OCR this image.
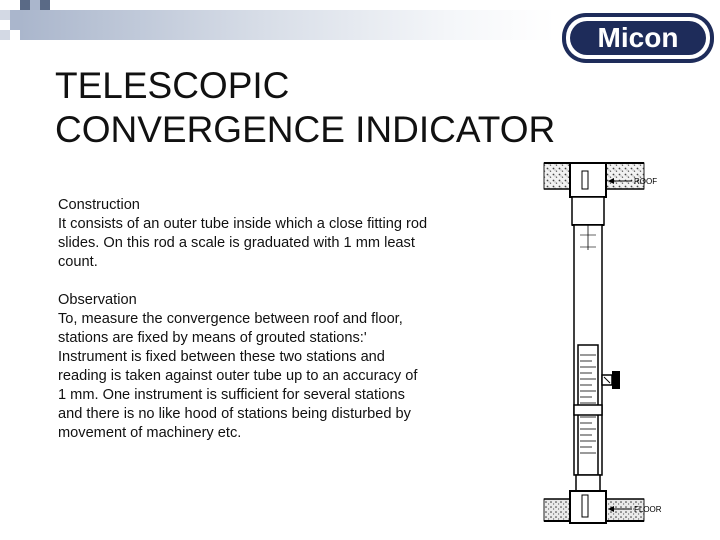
Micon
TELESCOPIC
CONVERGENCE INDICATOR
Construction
It consists of an outer tube inside which a close fitting rod slides. On this rod a scale is graduated with 1 mm least count.
Observation
To, measure the convergence between roof and floor, stations are fixed by means of grouted stations:' Instrument is fixed between these two stations and reading is taken against outer tube up to an accuracy of 1 mm. One instrument is sufficient for several stations and there is no like hood of stations being disturbed by movement of machinery etc.
ROOF
FLOOR
